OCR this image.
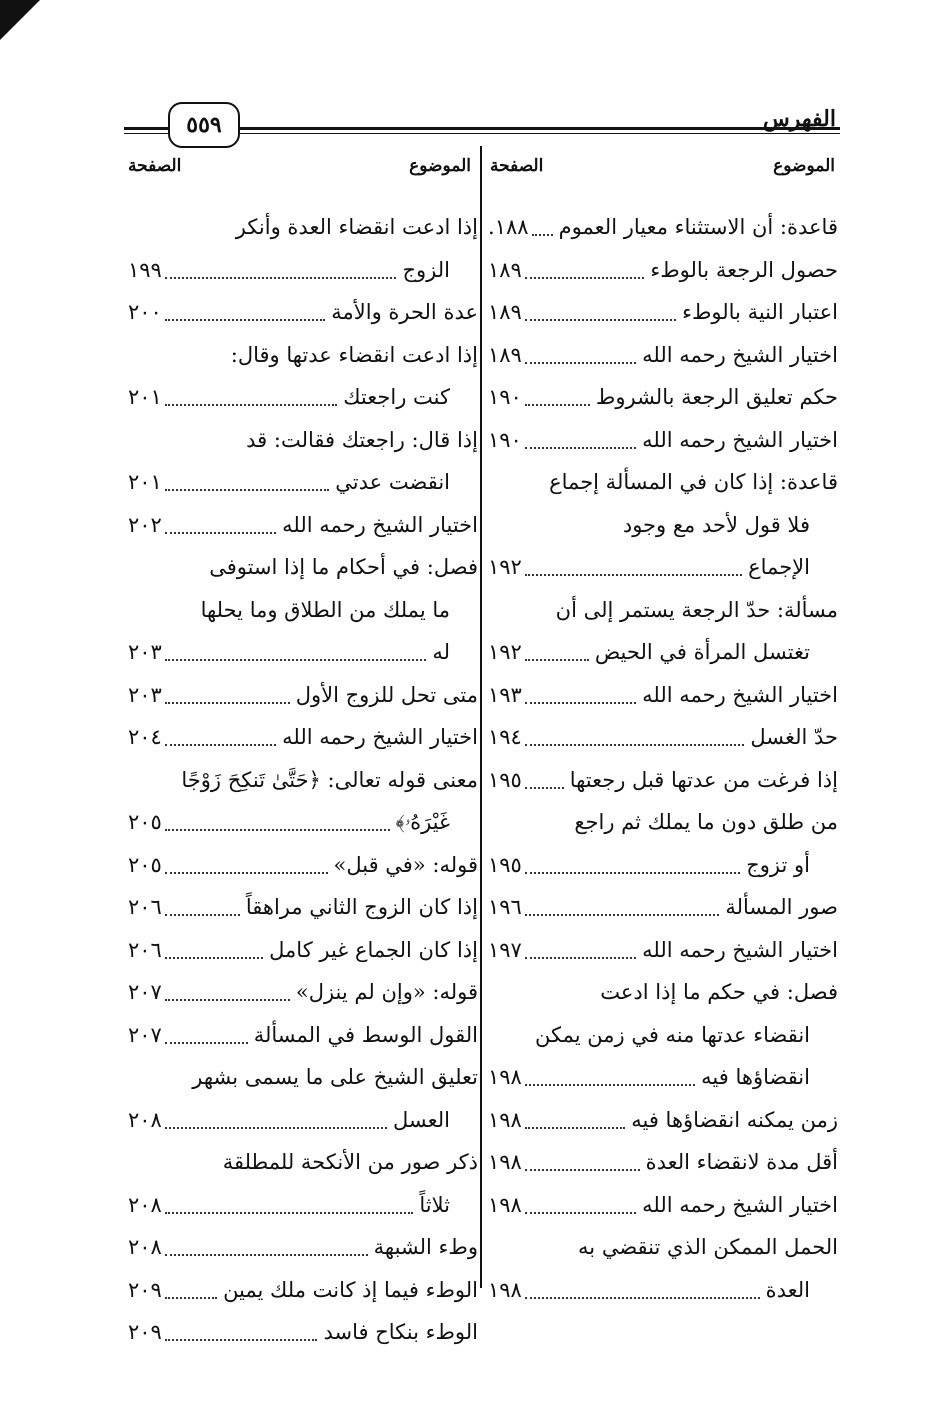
الفهرس
٥٥٩
الموضوع
الصفحة
الموضوع
الصفحة
قاعدة: أن الاستثناء معيار العموم
١٨٨.
حصول الرجعة بالوطء
١٨٩
اعتبار النية بالوطء
١٨٩
اختيار الشيخ رحمه الله
١٨٩
حكم تعليق الرجعة بالشروط
١٩٠
اختيار الشيخ رحمه الله
١٩٠
قاعدة: إذا كان في المسألة إجماع
فلا قول لأحد مع وجود
الإجماع
١٩٢
مسألة: حدّ الرجعة يستمر إلى أن
تغتسل المرأة في الحيض
١٩٢
اختيار الشيخ رحمه الله
١٩٣
حدّ الغسل
١٩٤
إذا فرغت من عدتها قبل رجعتها
١٩٥
من طلق دون ما يملك ثم راجع
أو تزوج
١٩٥
صور المسألة
١٩٦
اختيار الشيخ رحمه الله
١٩٧
فصل: في حكم ما إذا ادعت
انقضاء عدتها منه في زمن يمكن
انقضاؤها فيه
١٩٨
زمن يمكنه انقضاؤها فيه
١٩٨
أقل مدة لانقضاء العدة
١٩٨
اختيار الشيخ رحمه الله
١٩٨
الحمل الممكن الذي تنقضي به
العدة
١٩٨
إذا ادعت انقضاء العدة وأنكر
الزوج
١٩٩
عدة الحرة والأمة
٢٠٠
إذا ادعت انقضاء عدتها وقال:
كنت راجعتك
٢٠١
إذا قال: راجعتك فقالت: قد
انقضت عدتي
٢٠١
اختيار الشيخ رحمه الله
٢٠٢
فصل: في أحكام ما إذا استوفى
ما يملك من الطلاق وما يحلها
له
٢٠٣
متى تحل للزوج الأول
٢٠٣
اختيار الشيخ رحمه الله
٢٠٤
معنى قوله تعالى: ﴿حَتَّىٰ تَنكِحَ زَوْجًا
غَيْرَهُۥ﴾
٢٠٥
قوله: «في قبل»
٢٠٥
إذا كان الزوج الثاني مراهقاً
٢٠٦
إذا كان الجماع غير كامل
٢٠٦
قوله: «وإن لم ينزل»
٢٠٧
القول الوسط في المسألة
٢٠٧
تعليق الشيخ على ما يسمى بشهر
العسل
٢٠٨
ذكر صور من الأنكحة للمطلقة
ثلاثاً
٢٠٨
وطء الشبهة
٢٠٨
الوطء فيما إذ كانت ملك يمين
٢٠٩
الوطء بنكاح فاسد
٢٠٩
